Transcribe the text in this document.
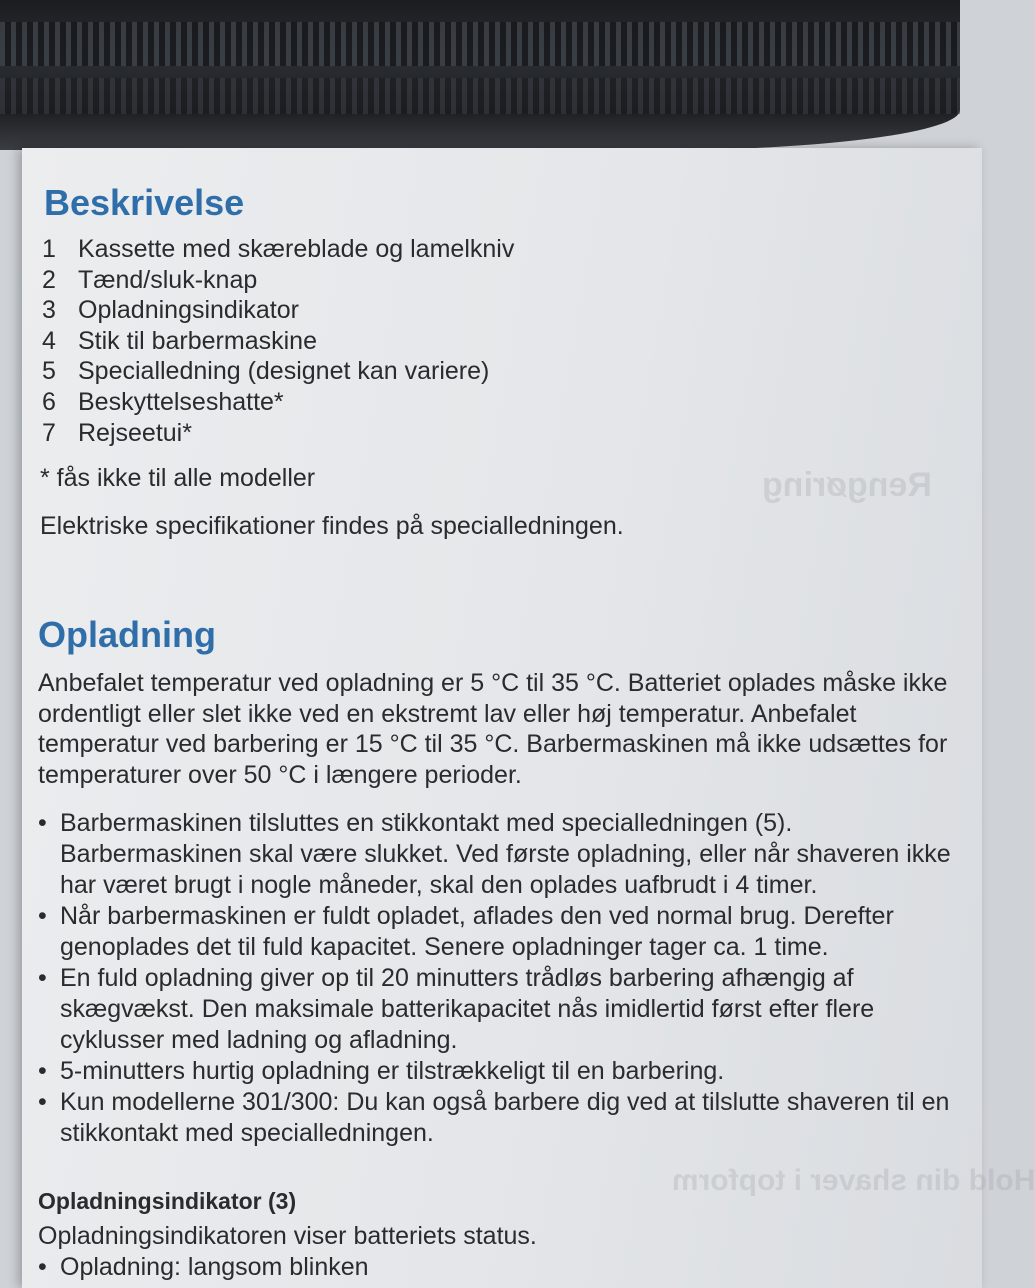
Rengøring
Hold din shaver i topform
Beskrivelse
1 Kassette med skæreblade og lamelkniv
2 Tænd/sluk-knap
3 Opladningsindikator
4 Stik til barbermaskine
5 Specialledning (designet kan variere)
6 Beskyttelseshatte*
7 Rejseetui*

* fås ikke til alle modeller

Elektriske specifikationer findes på specialledningen.

Opladning

Anbefalet temperatur ved opladning er 5 °C til 35 °C. Batteriet oplades måske ikke ordentligt eller slet ikke ved en ekstremt lav eller høj temperatur. Anbefalet temperatur ved barbering er 15 °C til 35 °C. Barbermaskinen må ikke udsættes for temperaturer over 50 °C i længere perioder.

• Barbermaskinen tilsluttes en stikkontakt med specialledningen (5). Barbermaskinen skal være slukket. Ved første opladning, eller når shaveren ikke har været brugt i nogle måneder, skal den oplades uafbrudt i 4 timer.
• Når barbermaskinen er fuldt opladet, aflades den ved normal brug. Derefter genoplades det til fuld kapacitet. Senere opladninger tager ca. 1 time.
• En fuld opladning giver op til 20 minutters trådløs barbering afhængig af skægvækst. Den maksimale batterikapacitet nås imidlertid først efter flere cyklusser med ladning og afladning.
• 5-minutters hurtig opladning er tilstrækkeligt til en barbering.
• Kun modellerne 301/300: Du kan også barbere dig ved at tilslutte shaveren til en stikkontakt med specialledningen.
Opladningsindikator (3)

Opladningsindikatoren viser batteriets status.

• Opladning: langsom blinken
